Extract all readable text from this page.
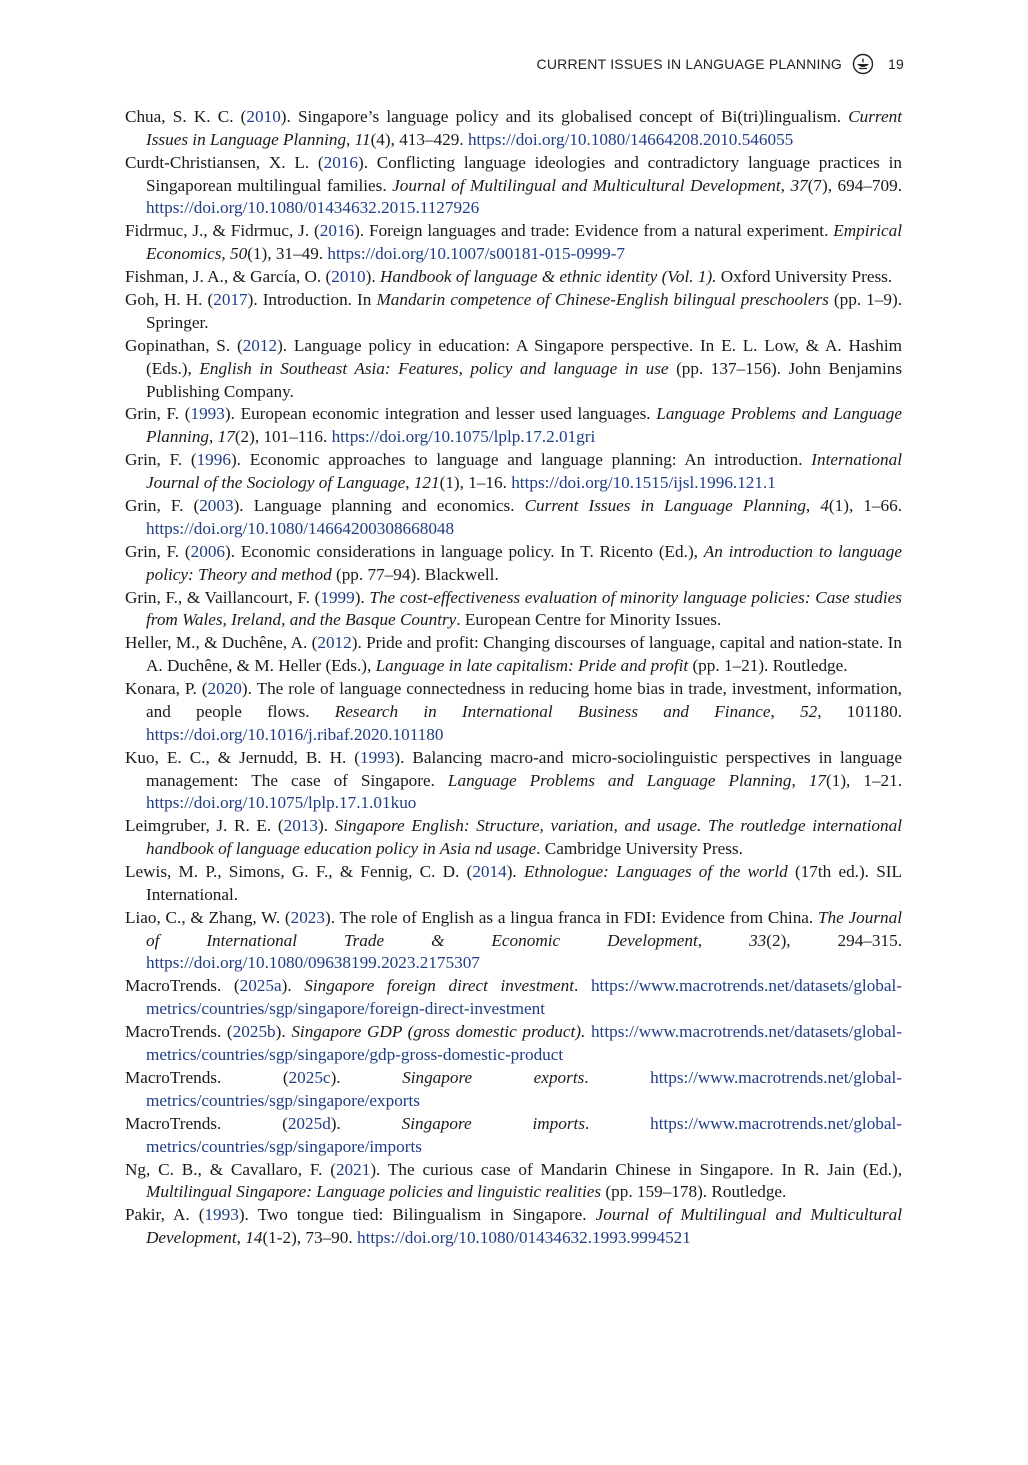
CURRENT ISSUES IN LANGUAGE PLANNING	19
Chua, S. K. C. (2010). Singapore’s language policy and its globalised concept of Bi(tri)lingualism. Current Issues in Language Planning, 11(4), 413–429. https://doi.org/10.1080/14664208.2010.546055
Curdt-Christiansen, X. L. (2016). Conflicting language ideologies and contradictory language practices in Singaporean multilingual families. Journal of Multilingual and Multicultural Development, 37(7), 694–709. https://doi.org/10.1080/01434632.2015.1127926
Fidrmuc, J., & Fidrmuc, J. (2016). Foreign languages and trade: Evidence from a natural experiment. Empirical Economics, 50(1), 31–49. https://doi.org/10.1007/s00181-015-0999-7
Fishman, J. A., & García, O. (2010). Handbook of language & ethnic identity (Vol. 1). Oxford University Press.
Goh, H. H. (2017). Introduction. In Mandarin competence of Chinese-English bilingual preschoolers (pp. 1–9). Springer.
Gopinathan, S. (2012). Language policy in education: A Singapore perspective. In E. L. Low, & A. Hashim (Eds.), English in Southeast Asia: Features, policy and language in use (pp. 137–156). John Benjamins Publishing Company.
Grin, F. (1993). European economic integration and lesser used languages. Language Problems and Language Planning, 17(2), 101–116. https://doi.org/10.1075/lplp.17.2.01gri
Grin, F. (1996). Economic approaches to language and language planning: An introduction. International Journal of the Sociology of Language, 121(1), 1–16. https://doi.org/10.1515/ijsl.1996.121.1
Grin, F. (2003). Language planning and economics. Current Issues in Language Planning, 4(1), 1–66. https://doi.org/10.1080/14664200308668048
Grin, F. (2006). Economic considerations in language policy. In T. Ricento (Ed.), An introduction to language policy: Theory and method (pp. 77–94). Blackwell.
Grin, F., & Vaillancourt, F. (1999). The cost-effectiveness evaluation of minority language policies: Case studies from Wales, Ireland, and the Basque Country. European Centre for Minority Issues.
Heller, M., & Duchêne, A. (2012). Pride and profit: Changing discourses of language, capital and nation-state. In A. Duchêne, & M. Heller (Eds.), Language in late capitalism: Pride and profit (pp. 1–21). Routledge.
Konara, P. (2020). The role of language connectedness in reducing home bias in trade, investment, information, and people flows. Research in International Business and Finance, 52, 101180. https://doi.org/10.1016/j.ribaf.2020.101180
Kuo, E. C., & Jernudd, B. H. (1993). Balancing macro-and micro-sociolinguistic perspectives in language management: The case of Singapore. Language Problems and Language Planning, 17(1), 1–21. https://doi.org/10.1075/lplp.17.1.01kuo
Leimgruber, J. R. E. (2013). Singapore English: Structure, variation, and usage. The routledge international handbook of language education policy in Asia nd usage. Cambridge University Press.
Lewis, M. P., Simons, G. F., & Fennig, C. D. (2014). Ethnologue: Languages of the world (17th ed.). SIL International.
Liao, C., & Zhang, W. (2023). The role of English as a lingua franca in FDI: Evidence from China. The Journal of International Trade & Economic Development, 33(2), 294–315. https://doi.org/10.1080/09638199.2023.2175307
MacroTrends. (2025a). Singapore foreign direct investment. https://www.macrotrends.net/datasets/global-metrics/countries/sgp/singapore/foreign-direct-investment
MacroTrends. (2025b). Singapore GDP (gross domestic product). https://www.macrotrends.net/datasets/global-metrics/countries/sgp/singapore/gdp-gross-domestic-product
MacroTrends. (2025c). Singapore exports. https://www.macrotrends.net/global-metrics/countries/sgp/singapore/exports
MacroTrends. (2025d). Singapore imports. https://www.macrotrends.net/global-metrics/countries/sgp/singapore/imports
Ng, C. B., & Cavallaro, F. (2021). The curious case of Mandarin Chinese in Singapore. In R. Jain (Ed.), Multilingual Singapore: Language policies and linguistic realities (pp. 159–178). Routledge.
Pakir, A. (1993). Two tongue tied: Bilingualism in Singapore. Journal of Multilingual and Multicultural Development, 14(1-2), 73–90. https://doi.org/10.1080/01434632.1993.9994521
